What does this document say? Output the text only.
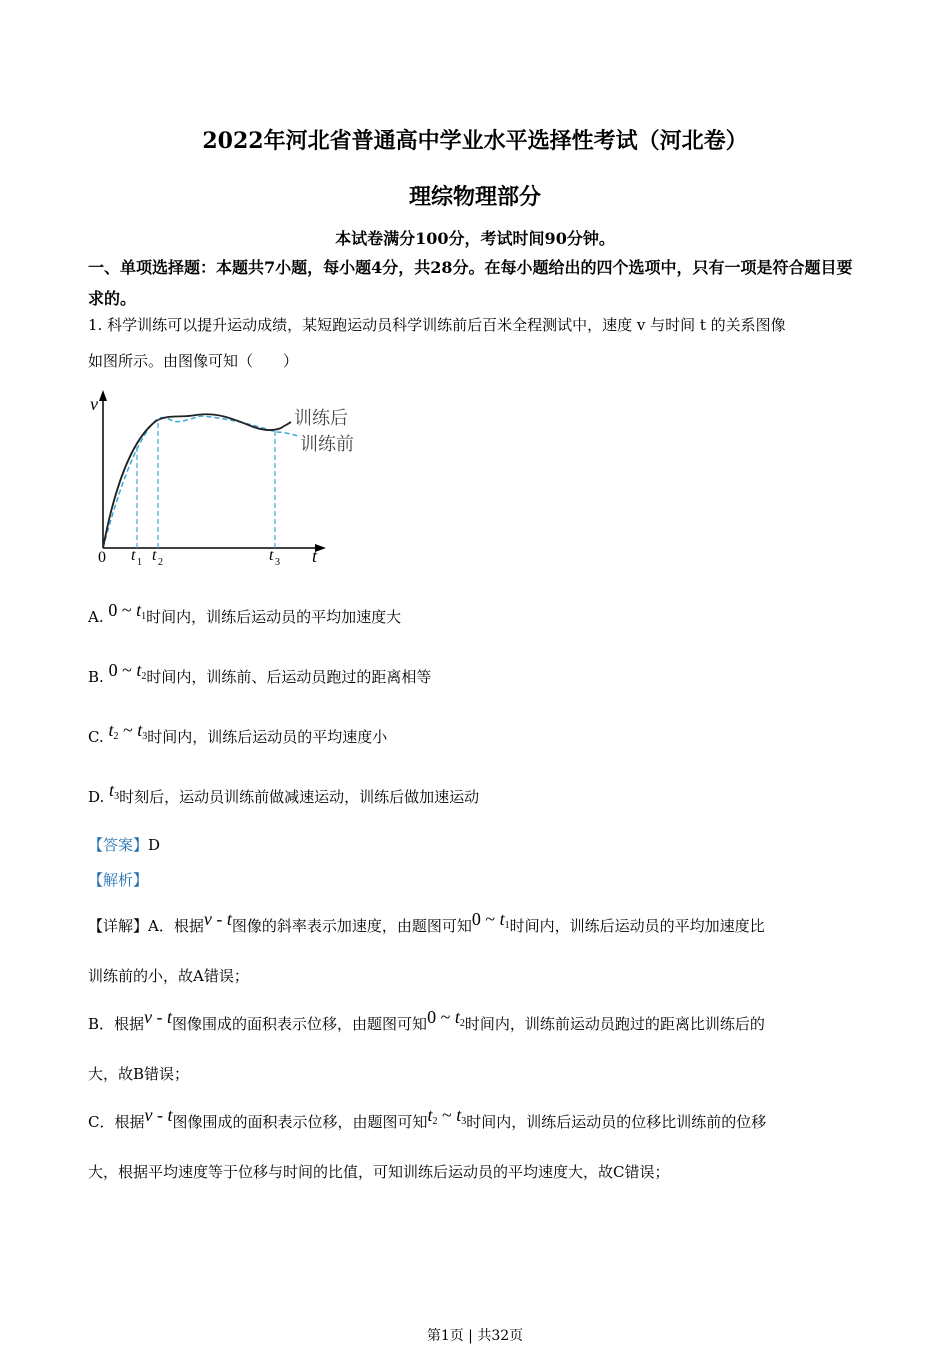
2022年河北省普通高中学业水平选择性考试（河北卷）
理综物理部分
本试卷满分100分，考试时间90分钟。
一、单项选择题：本题共7小题，每小题4分，共28分。在每小题给出的四个选项中，只有一项是符合题目要求的。
1. 科学训练可以提升运动成绩，某短跑运动员科学训练前后百米全程测试中，速度 v 与时间 t 的关系图像
如图所示。由图像可知（　　）
v
0	t
t 1 t 2	t 3
训练后
训练前
A. 0 ~ $t_1$时间内，训练后运动员的平均加速度大
B. 0 ~ $t_2$时间内，训练前、后运动员跑过的距离相等
C. $t_2$ ~ $t_3$时间内，训练后运动员的平均速度小
D. $t_3$时刻后，运动员训练前做减速运动，训练后做加速运动
【答案】D
【解析】
【详解】A．根据v - t图像的斜率表示加速度，由题图可知0 ~ $t_1$时间内，训练后运动员的平均加速度比
训练前的小，故A错误；
B．根据v - t图像围成的面积表示位移，由题图可知0 ~ $t_2$时间内，训练前运动员跑过的距离比训练后的
大，故B错误；
C．根据v - t图像围成的面积表示位移，由题图可知$t_2$ ~ $t_3$时间内，训练后运动员的位移比训练前的位移
大，根据平均速度等于位移与时间的比值，可知训练后运动员的平均速度大，故C错误；
第1页 | 共32页
